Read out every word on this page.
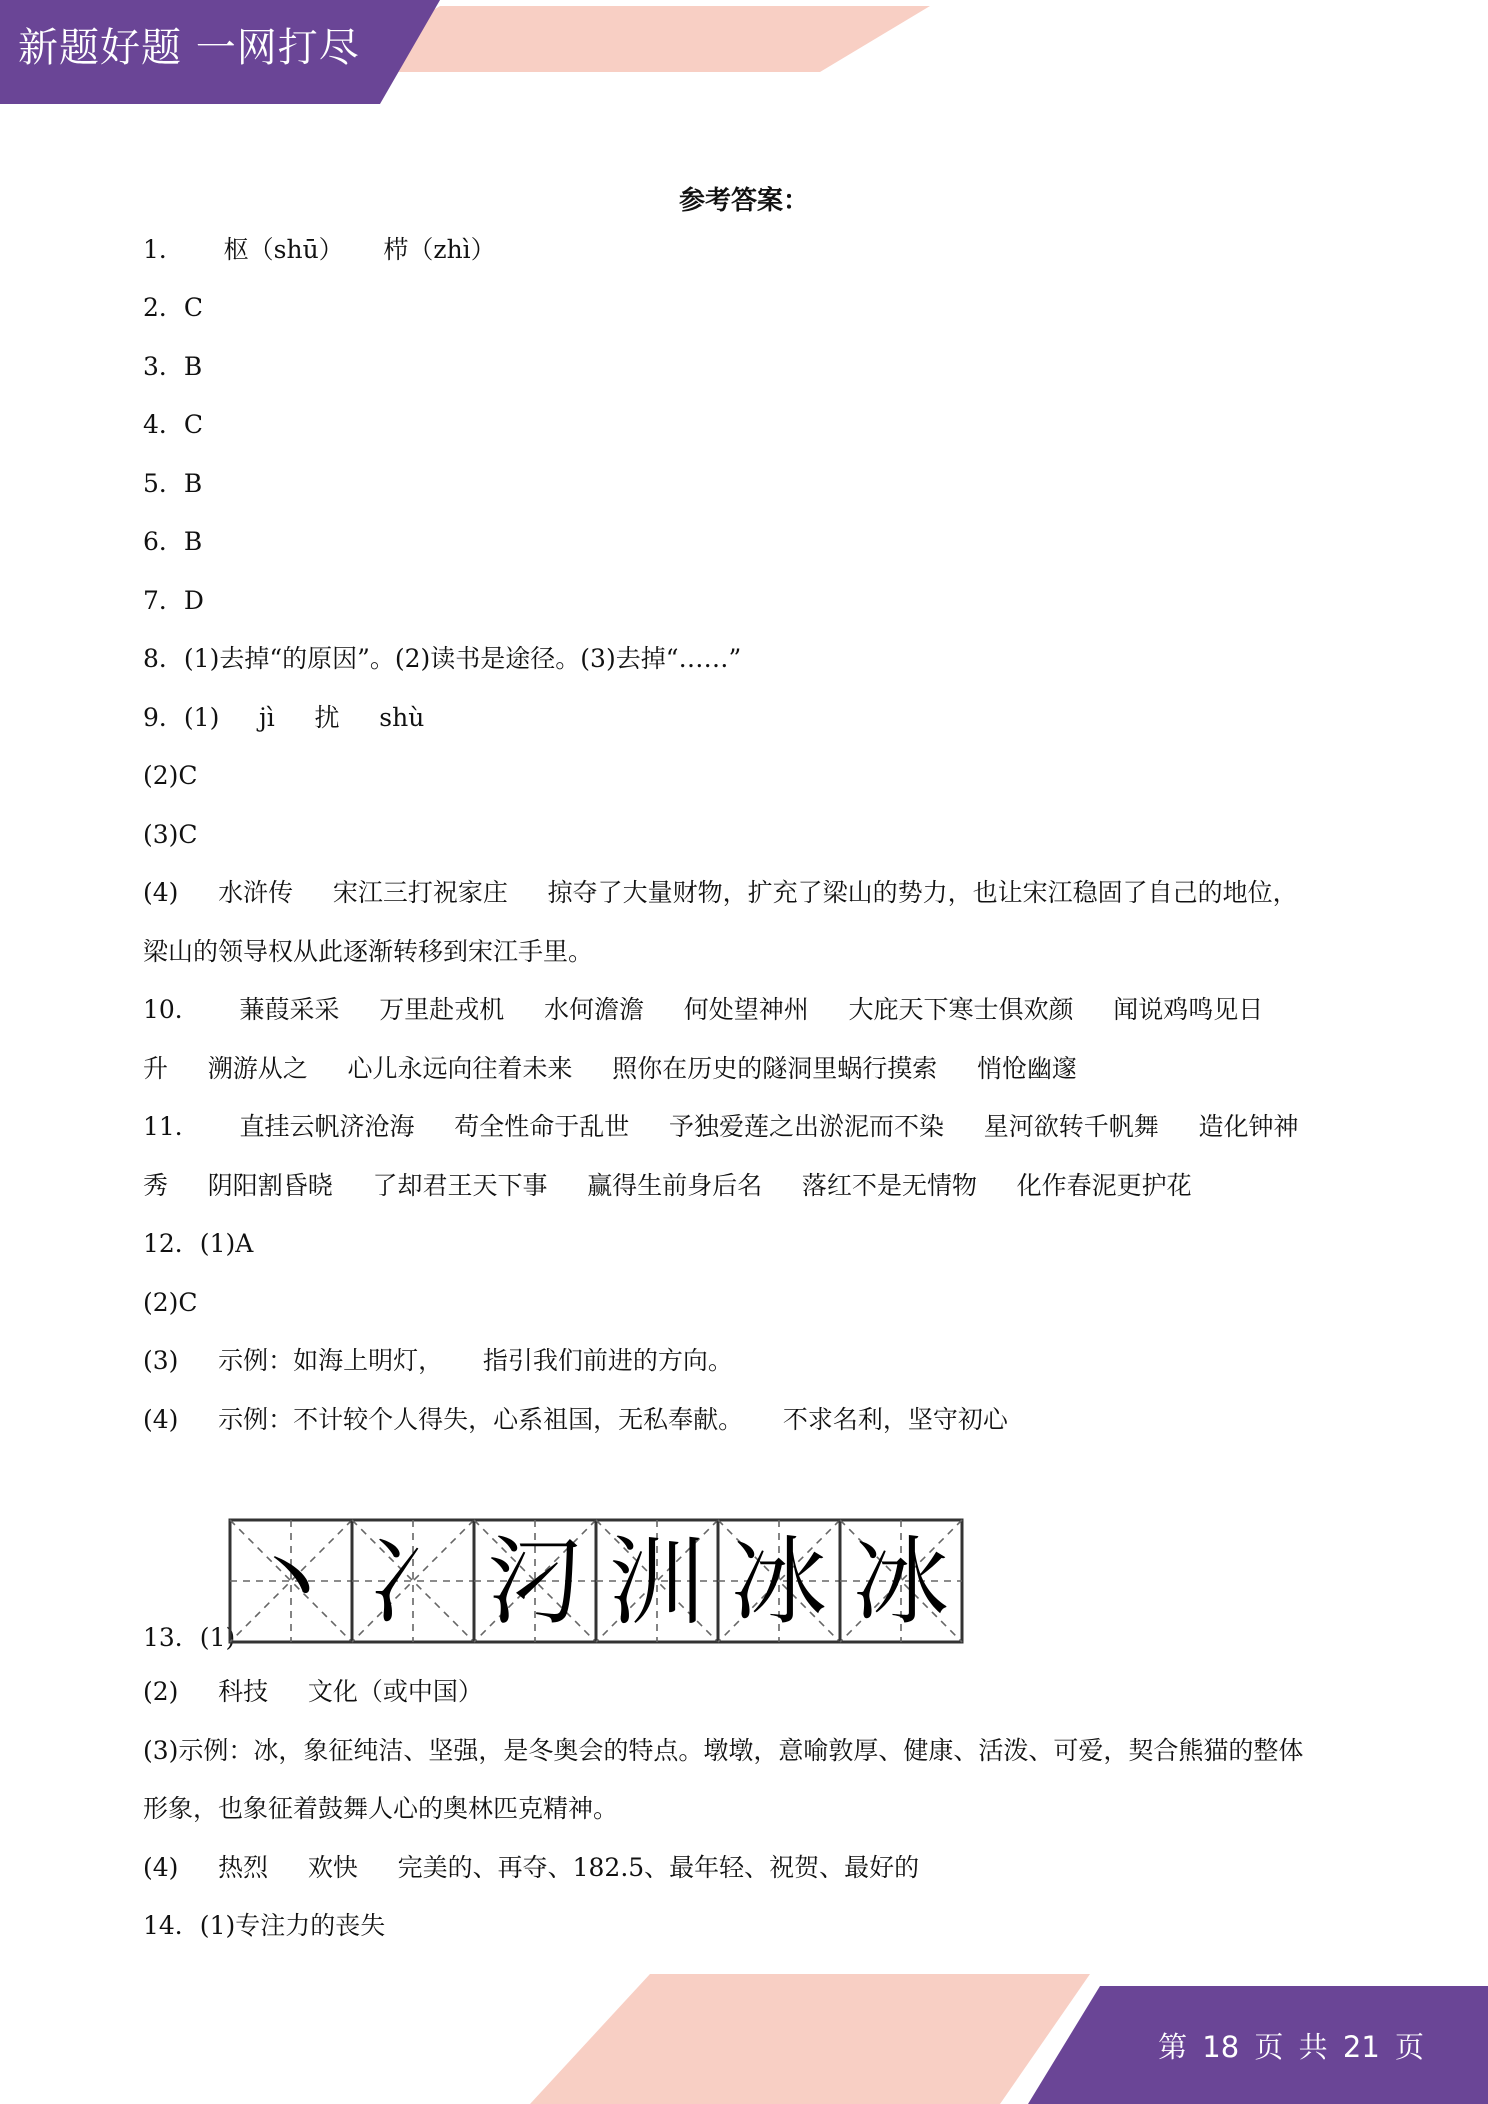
新题好题 一网打尽
参考答案：
1．     枢（shū）     栉（zhì）
2．C
3．B
4．C
5．B
6．B
7．D
8．(1)去掉“的原因”。(2)读书是途径。(3)去掉“……”
9．(1)     jì     扰     shù
(2)C
(3)C
(4)     水浒传     宋江三打祝家庄     掠夺了大量财物，扩充了梁山的势力，也让宋江稳固了自己的地位，
梁山的领导权从此逐渐转移到宋江手里。
10．     蒹葭采采     万里赴戎机     水何澹澹     何处望神州     大庇天下寒士俱欢颜     闻说鸡鸣见日
升     溯游从之     心儿永远向往着未来     照你在历史的隧洞里蜗行摸索     悄怆幽邃
11．     直挂云帆济沧海     苟全性命于乱世     予独爱莲之出淤泥而不染     星河欲转千帆舞     造化钟神
秀     阴阳割昏晓     了却君王天下事     赢得生前身后名     落红不是无情物     化作春泥更护花
12．(1)A
(2)C
(3)     示例：如海上明灯，     指引我们前进的方向。
(4)     示例：不计较个人得失，心系祖国，无私奉献。     不求名利，坚守初心
13．(1)
(2)     科技     文化（或中国）
(3)示例：冰，象征纯洁、坚强，是冬奥会的特点。墩墩，意喻敦厚、健康、活泼、可爱，契合熊猫的整体
形象，也象征着鼓舞人心的奥林匹克精神。
(4)     热烈     欢快     完美的、再夺、182.5、最年轻、祝贺、最好的
14．(1)专注力的丧失
丶 冫 汈 汌 冰 冰
第 18 页 共 21 页
